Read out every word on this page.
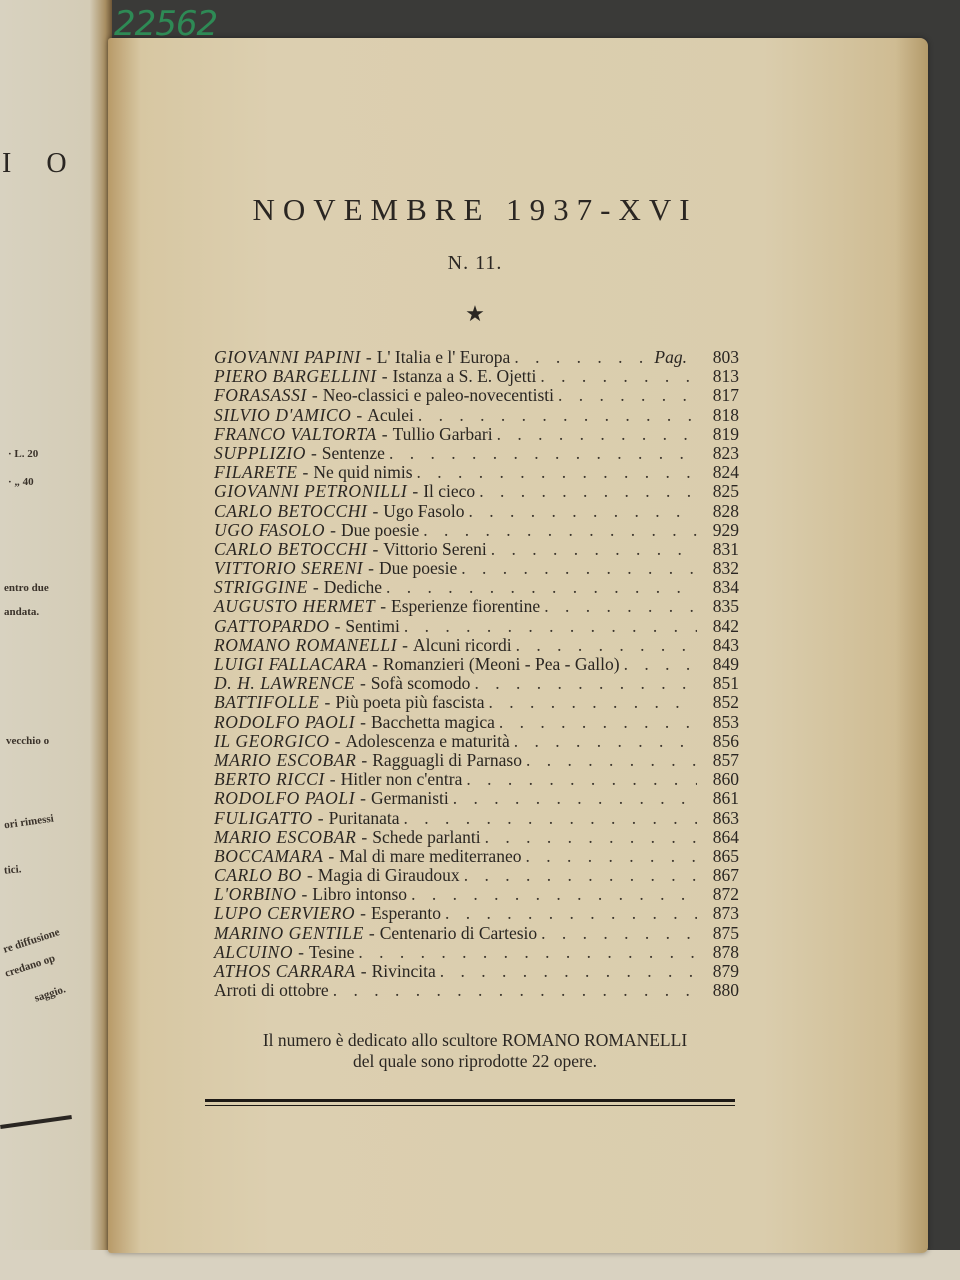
22562
I O
· L. 20
· „ 40
entro due
andata.
vecchio o
ori rimessi
tici.
re diffusione
credano op
saggio.
NOVEMBRE 1937-XVI
N. 11.
★
GIOVANNI PAPINI - L' Italia e l' Europa . . .	Pag.	803
PIERO BARGELLINI - Istanza a S. E. Ojetti . . .	813
FORASASSI - Neo-classici e paleo-novecentisti . . .	817
SILVIO D'AMICO - Aculei . . .	818
FRANCO VALTORTA - Tullio Garbari . . .	819
SUPPLIZIO - Sentenze . . .	823
FILARETE - Ne quid nimis . . .	824
GIOVANNI PETRONILLI - Il cieco . . .	825
CARLO BETOCCHI - Ugo Fasolo . . .	828
UGO FASOLO - Due poesie . . .	929
CARLO BETOCCHI - Vittorio Sereni . . .	831
VITTORIO SERENI - Due poesie . . .	832
STRIGGINE - Dediche . . .	834
AUGUSTO HERMET - Esperienze fiorentine . . .	835
GATTOPARDO - Sentimi . . .	842
ROMANO ROMANELLI - Alcuni ricordi . . .	843
LUIGI FALLACARA - Romanzieri (Meoni - Pea - Gallo) . . .	849
D. H. LAWRENCE - Sofà scomodo . . .	851
BATTIFOLLE - Più poeta più fascista . . .	852
RODOLFO PAOLI - Bacchetta magica . . .	853
IL GEORGICO - Adolescenza e maturità . . .	856
MARIO ESCOBAR - Ragguagli di Parnaso . . .	857
BERTO RICCI - Hitler non c'entra . . .	860
RODOLFO PAOLI - Germanisti . . .	861
FULIGATTO - Puritanata . . .	863
MARIO ESCOBAR - Schede parlanti . . .	864
BOCCAMARA - Mal di mare mediterraneo . . .	865
CARLO BO - Magia di Giraudoux . . .	867
L'ORBINO - Libro intonso . . .	872
LUPO CERVIERO - Esperanto . . .	873
MARINO GENTILE - Centenario di Cartesio . . .	875
ALCUINO - Tesine . . .	878
ATHOS CARRARA - Rivincita . . .	879
Arroti di ottobre . . .	880
Il numero è dedicato allo scultore ROMANO ROMANELLI
del quale sono riprodotte 22 opere.
